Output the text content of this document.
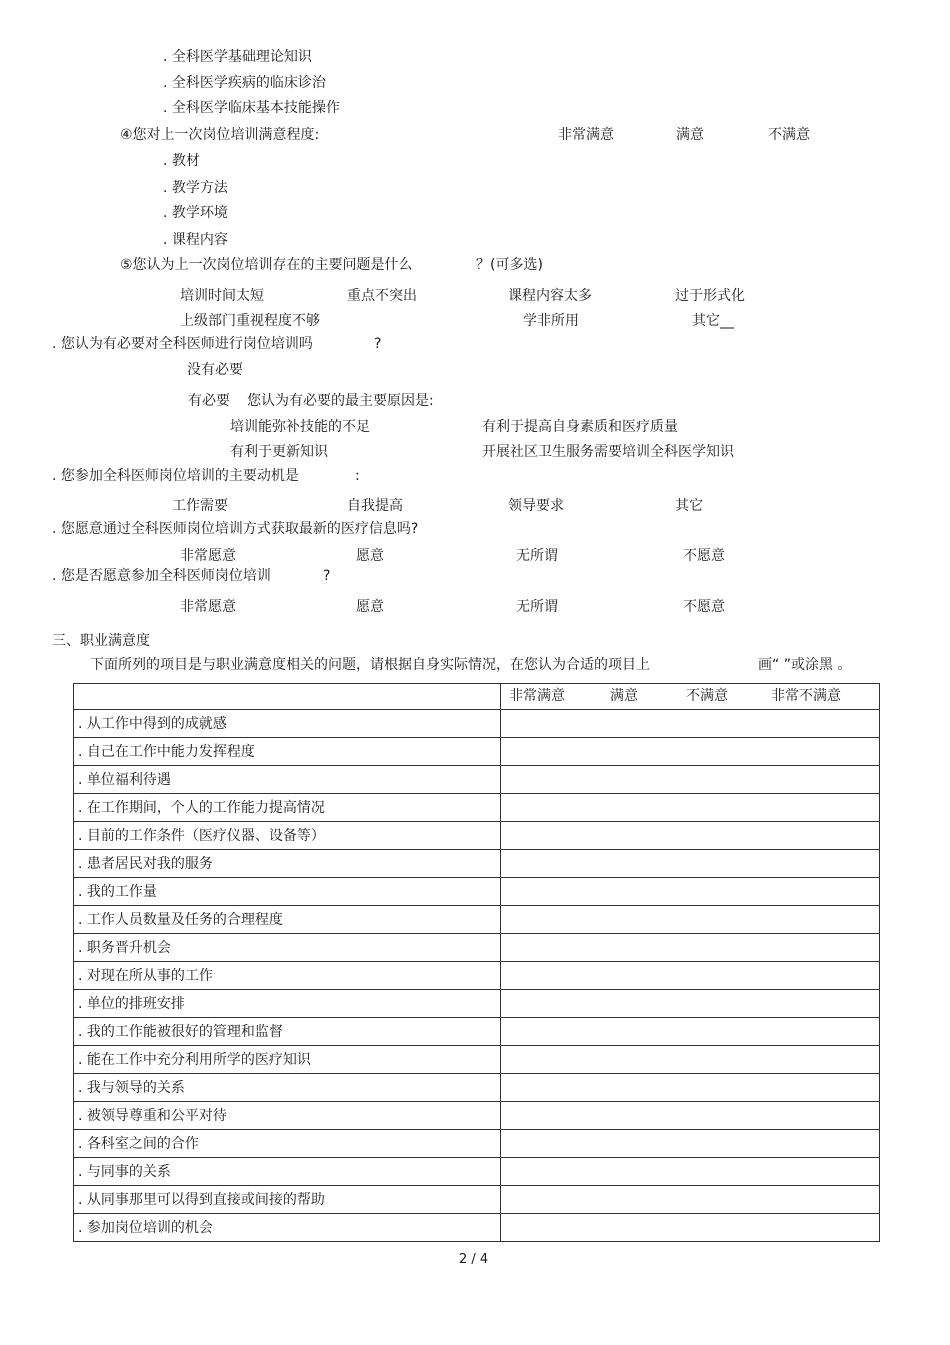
. 全科医学基础理论知识
. 全科医学疾病的临床诊治
. 全科医学临床基本技能操作
④您对上一次岗位培训满意程度:	非常满意	满意	不满意
. 教材
. 教学方法
. 教学环境
. 课程内容
⑤您认为上一次岗位培训存在的主要问题是什么	？(可多选)
培训时间太短	重点不突出	课程内容太多	过于形式化
上级部门重视程度不够	学非所用	其它__
. 您认为有必要对全科医师进行岗位培训吗	?
没有必要
有必要 您认为有必要的最主要原因是:
培训能弥补技能的不足	有利于提高自身素质和医疗质量
有利于更新知识	开展社区卫生服务需要培训全科医学知识
. 您参加全科医师岗位培训的主要动机是	:
工作需要	自我提高	领导要求	其它
. 您愿意通过全科医师岗位培训方式获取最新的医疗信息吗?
非常愿意	愿意	无所谓	不愿意
. 您是否愿意参加全科医师岗位培训	?
非常愿意	愿意	无所谓	不愿意
三、职业满意度
下面所列的项目是与职业满意度相关的问题，请根据自身实际情况，在您认为合适的项目上	画“ ”或涂黑 。

	非常满意 满意 不满意 非常不满意

. 从工作中得到的成就感	
. 自己在工作中能力发挥程度	
. 单位福利待遇	
. 在工作期间，个人的工作能力提高情况	
. 目前的工作条件（医疗仪器、设备等）	
. 患者居民对我的服务	
. 我的工作量	
. 工作人员数量及任务的合理程度	
. 职务晋升机会	
. 对现在所从事的工作	
. 单位的排班安排	
. 我的工作能被很好的管理和监督	
. 能在工作中充分利用所学的医疗知识	
. 我与领导的关系	
. 被领导尊重和公平对待	
. 各科室之间的合作	
. 与同事的关系	
. 从同事那里可以得到直接或间接的帮助	
. 参加岗位培训的机会	
2 / 4
